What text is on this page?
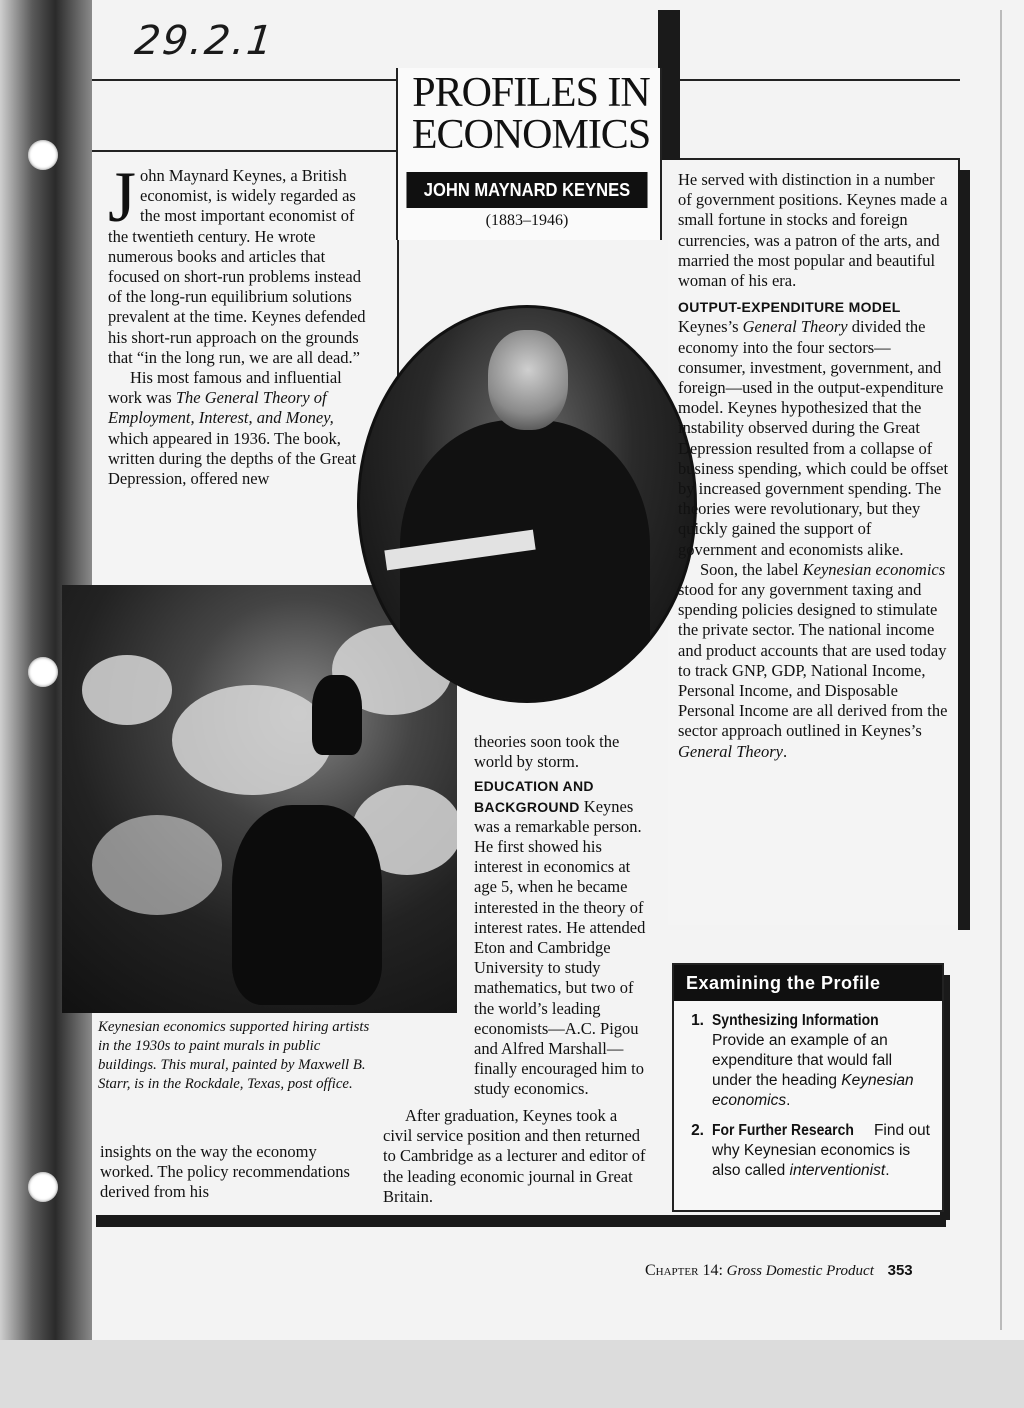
29.2.1
PROFILES IN
ECONOMICS
JOHN MAYNARD KEYNES
(1883–1946)

John Maynard Keynes, a British economist, is widely regarded as the most important economist of the twentieth century. He wrote numerous books and articles that focused on short-run problems instead of the long-run equilibrium solutions prevalent at the time. Keynes defended his short-run approach on the grounds that “in the long run, we are all dead.”

His most famous and influential work was The General Theory of Employment, Interest, and Money, which appeared in 1936. The book, written during the depths of the Great Depression, offered new

Keynesian economics supported hiring artists in the 1930s to paint murals in public buildings. This mural, painted by Maxwell B. Starr, is in the Rockdale, Texas, post office.
insights on the way the economy worked. The policy recommendations derived from his

theories soon took the world by storm.

EDUCATION AND BACKGROUND Keynes was a remarkable person. He first showed his interest in economics at age 5, when he became interested in the theory of interest rates. He attended Eton and Cambridge University to study mathematics, but two of the world’s leading economists—A.C. Pigou and Alfred Marshall—finally encouraged him to study economics.

After graduation, Keynes took a civil service position and then returned to Cambridge as a lecturer and editor of the leading economic journal in Great Britain.

He served with distinction in a number of government positions. Keynes made a small fortune in stocks and foreign currencies, was a patron of the arts, and married the most popular and beautiful woman of his era.

OUTPUT-EXPENDITURE MODEL

Keynes’s General Theory divided the economy into the four sectors—consumer, investment, government, and foreign—used in the output-expenditure model. Keynes hypothesized that the instability observed during the Great Depression resulted from a collapse of business spending, which could be offset by increased government spending. The theories were revolutionary, but they quickly gained the support of government and economists alike.

Soon, the label Keynesian economics stood for any government taxing and spending policies designed to stimulate the private sector. The national income and product accounts that are used today to track GNP, GDP, National Income, Personal Income, and Disposable Personal Income are all derived from the sector approach outlined in Keynes’s General Theory.

Examining the Profile
1. Synthesizing Information Provide an example of an expenditure that would fall under the heading Keynesian economics.
2. For Further Research Find out why Keynesian economics is also called interventionist.
Chapter 14: Gross Domestic Product 353
